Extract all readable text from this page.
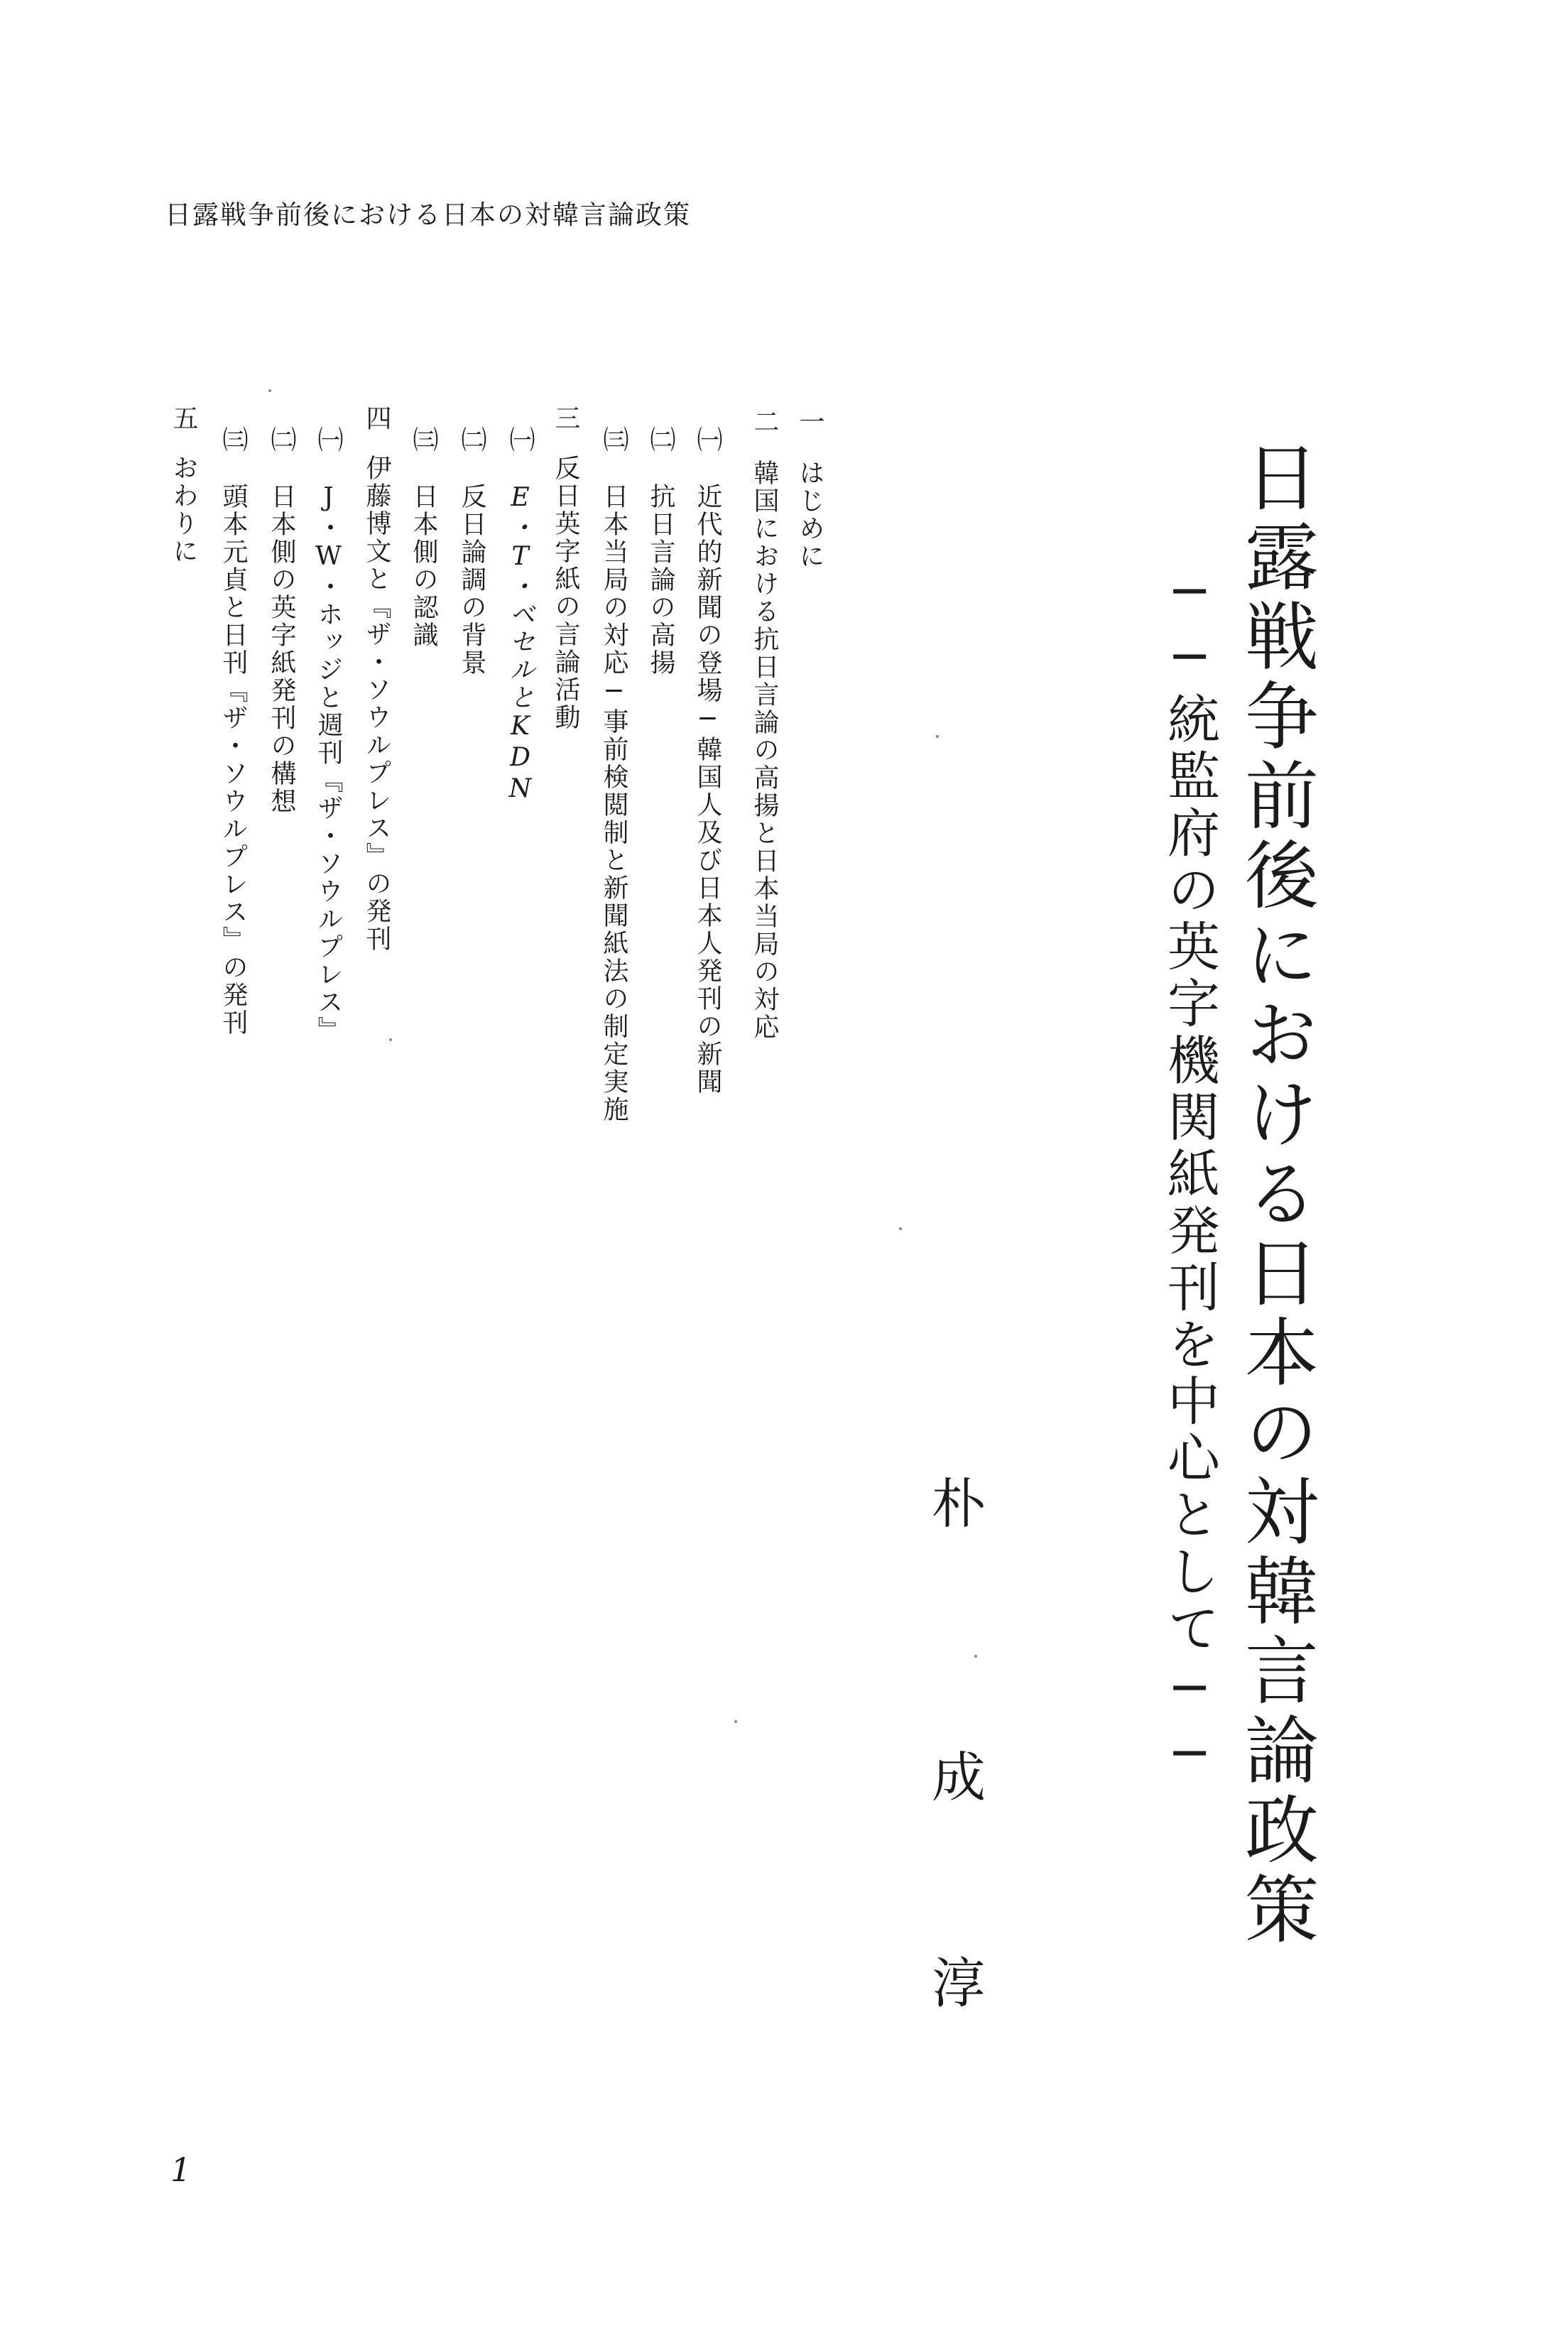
日露戦争前後における日本の対韓言論政策
日露戦争前後における日本の対韓言論政策
──統監府の英字機関紙発刊を中心として──
朴
成
淳
一
はじめに
二
韓国における抗日言論の高揚と日本当局の対応
㈠
近代的新聞の登場─韓国人及び日本人発刊の新聞
㈡
抗日言論の高揚
㈢
日本当局の対応─事前検閲制と新聞紙法の制定実施
三
反日英字紙の言論活動
㈠
E・T・ベセルとKDN
㈡
反日論調の背景
㈢
日本側の認識
四
伊藤博文と『ザ・ソウルプレス』の発刊
㈠
J・W・ホッジと週刊『ザ・ソウルプレス』
㈡
日本側の英字紙発刊の構想
㈢
頭本元貞と日刊『ザ・ソウルプレス』の発刊
五
おわりに
1
